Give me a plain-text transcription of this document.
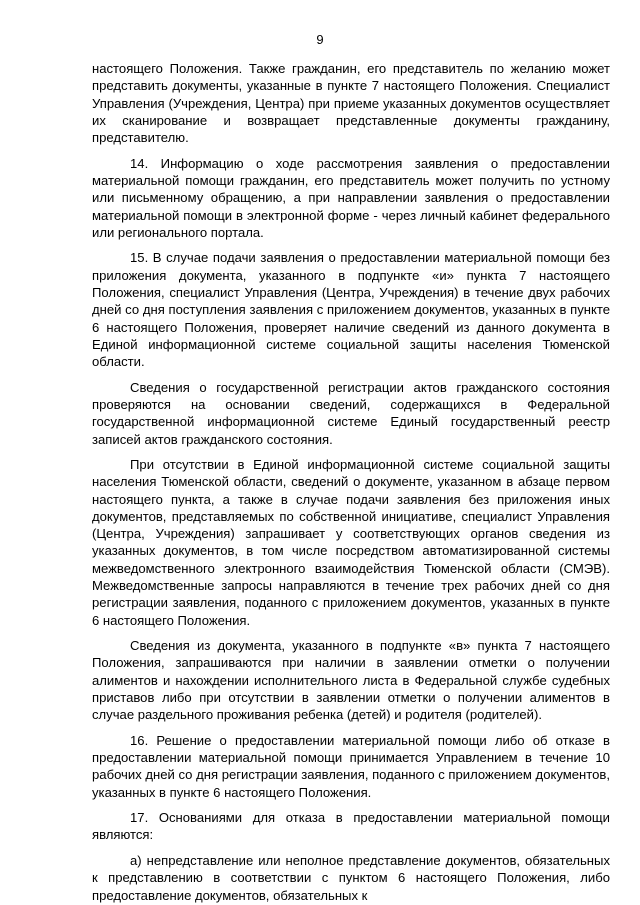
9

настоящего Положения. Также гражданин, его представитель по желанию может представить документы, указанные в пункте 7 настоящего Положения. Специалист Управления (Учреждения, Центра) при приеме указанных документов осуществляет их сканирование и возвращает представленные документы гражданину, представителю.

14. Информацию о ходе рассмотрения заявления о предоставлении материальной помощи гражданин, его представитель может получить по устному или письменному обращению, а при направлении заявления о предоставлении материальной помощи в электронной форме - через личный кабинет федерального или регионального портала.

15. В случае подачи заявления о предоставлении материальной помощи без приложения документа, указанного в подпункте «и» пункта 7 настоящего Положения, специалист Управления (Центра, Учреждения) в течение двух рабочих дней со дня поступления заявления с приложением документов, указанных в пункте 6 настоящего Положения, проверяет наличие сведений из данного документа в Единой информационной системе социальной защиты населения Тюменской области.

Сведения о государственной регистрации актов гражданского состояния проверяются на основании сведений, содержащихся в Федеральной государственной информационной системе Единый государственный реестр записей актов гражданского состояния.

При отсутствии в Единой информационной системе социальной защиты населения Тюменской области, сведений о документе, указанном в абзаце первом настоящего пункта, а также в случае подачи заявления без приложения иных документов, представляемых по собственной инициативе, специалист Управления (Центра, Учреждения) запрашивает у соответствующих органов сведения из указанных документов, в том числе посредством автоматизированной системы межведомственного электронного взаимодействия Тюменской области (СМЭВ). Межведомственные запросы направляются в течение трех рабочих дней со дня регистрации заявления, поданного с приложением документов, указанных в пункте 6 настоящего Положения.

Сведения из документа, указанного в подпункте «в» пункта 7 настоящего Положения, запрашиваются при наличии в заявлении отметки о получении алиментов и нахождении исполнительного листа в Федеральной службе судебных приставов либо при отсутствии в заявлении отметки о получении алиментов в случае раздельного проживания ребенка (детей) и родителя (родителей).

16. Решение о предоставлении материальной помощи либо об отказе в предоставлении материальной помощи принимается Управлением в течение 10 рабочих дней со дня регистрации заявления, поданного с приложением документов, указанных в пункте 6 настоящего Положения.

17. Основаниями для отказа в предоставлении материальной помощи являются:

а) непредставление или неполное представление документов, обязательных к представлению в соответствии с пунктом 6 настоящего Положения, либо предоставление документов, обязательных к
